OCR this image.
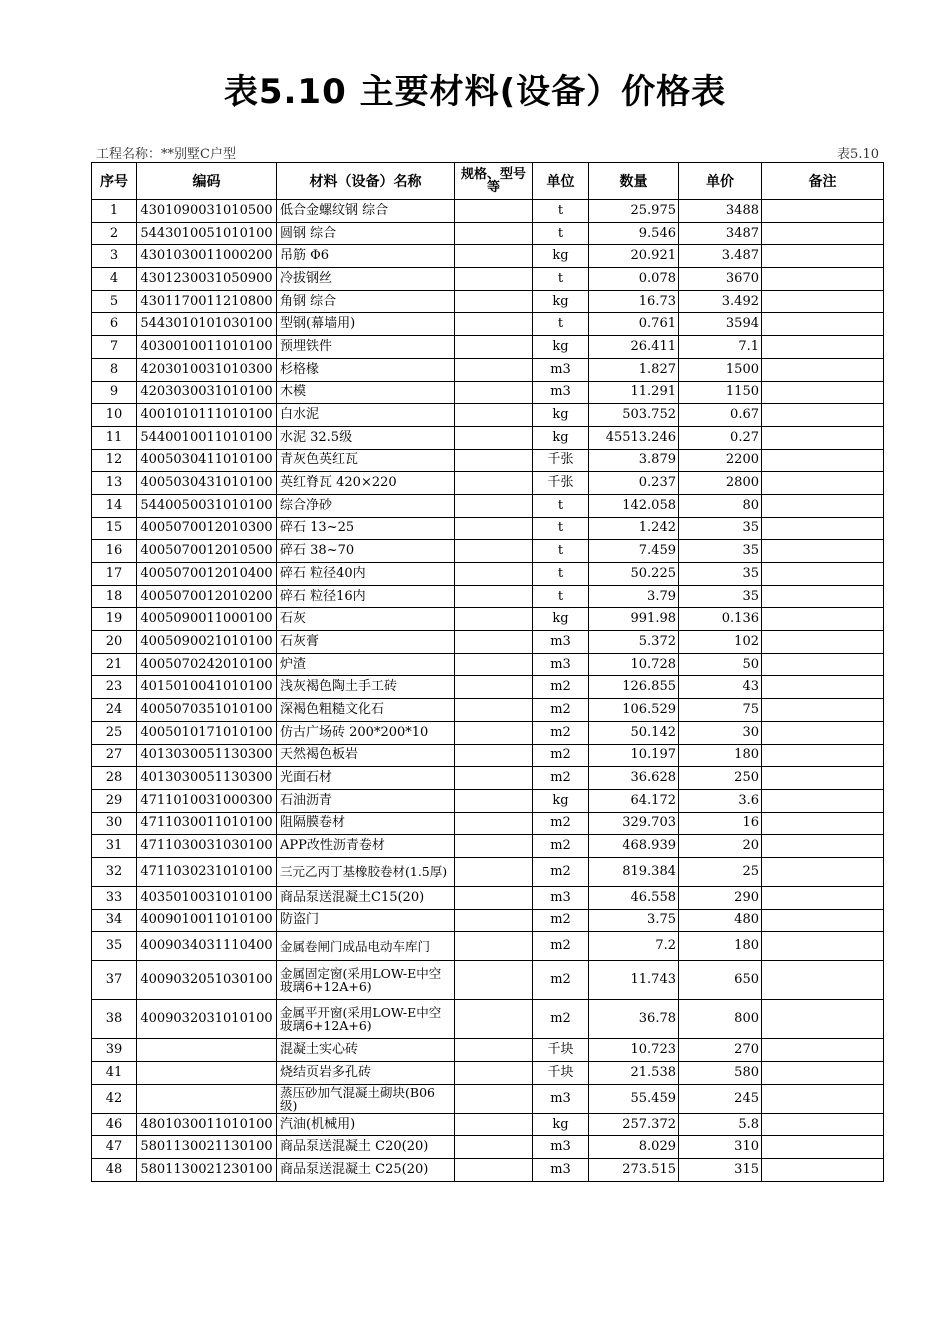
表5.10 主要材料(设备）价格表
工程名称：**别墅C户型	表5.10
序号	编码	材料（设备）名称	规格、型号等	单位	数量	单价	备注
1	4301090031010500	低合金螺纹钢 综合		t	25.975	3488	
2	5443010051010100	圆钢 综合		t	9.546	3487	
3	4301030011000200	吊筋 Φ6		kg	20.921	3.487	
4	4301230031050900	冷拔钢丝		t	0.078	3670	
5	4301170011210800	角钢 综合		kg	16.73	3.492	
6	5443010101030100	型钢(幕墙用)		t	0.761	3594	
7	4030010011010100	预埋铁件		kg	26.411	7.1	
8	4203010031010300	杉格椽		m3	1.827	1500	
9	4203030031010100	木模		m3	11.291	1150	
10	4001010111010100	白水泥		kg	503.752	0.67	
11	5440010011010100	水泥 32.5级		kg	45513.246	0.27	
12	4005030411010100	青灰色英红瓦		千张	3.879	2200	
13	4005030431010100	英红脊瓦 420×220		千张	0.237	2800	
14	5440050031010100	综合净砂		t	142.058	80	
15	4005070012010300	碎石 13~25		t	1.242	35	
16	4005070012010500	碎石 38~70		t	7.459	35	
17	4005070012010400	碎石 粒径40内		t	50.225	35	
18	4005070012010200	碎石 粒径16内		t	3.79	35	
19	4005090011000100	石灰		kg	991.98	0.136	
20	4005090021010100	石灰膏		m3	5.372	102	
21	4005070242010100	炉渣		m3	10.728	50	
23	4015010041010100	浅灰褐色陶土手工砖		m2	126.855	43	
24	4005070351010100	深褐色粗糙文化石		m2	106.529	75	
25	4005010171010100	仿古广场砖 200*200*10		m2	50.142	30	
27	4013030051130300	天然褐色板岩		m2	10.197	180	
28	4013030051130300	光面石材		m2	36.628	250	
29	4711010031000300	石油沥青		kg	64.172	3.6	
30	4711030011010100	阻隔膜卷材		m2	329.703	16	
31	4711030031030100	APP改性沥青卷材		m2	468.939	20	
32	4711030231010100	三元乙丙丁基橡胶卷材(1.5厚)		m2	819.384	25	
33	4035010031010100	商品泵送混凝土C15(20)		m3	46.558	290	
34	4009010011010100	防盗门		m2	3.75	480	
35	4009034031110400	金属卷闸门成品电动车库门		m2	7.2	180	
37	4009032051030100	金属固定窗(采用LOW-E中空玻璃6+12A+6)		m2	11.743	650	
38	4009032031010100	金属平开窗(采用LOW-E中空玻璃6+12A+6)		m2	36.78	800	
39		混凝土实心砖		千块	10.723	270	
41		烧结页岩多孔砖		千块	21.538	580	
42		蒸压砂加气混凝土砌块(B06级)		m3	55.459	245	
46	4801030011010100	汽油(机械用)		kg	257.372	5.8	
47	5801130021130100	商品泵送混凝土 C20(20)		m3	8.029	310	
48	5801130021230100	商品泵送混凝土 C25(20)		m3	273.515	315	
